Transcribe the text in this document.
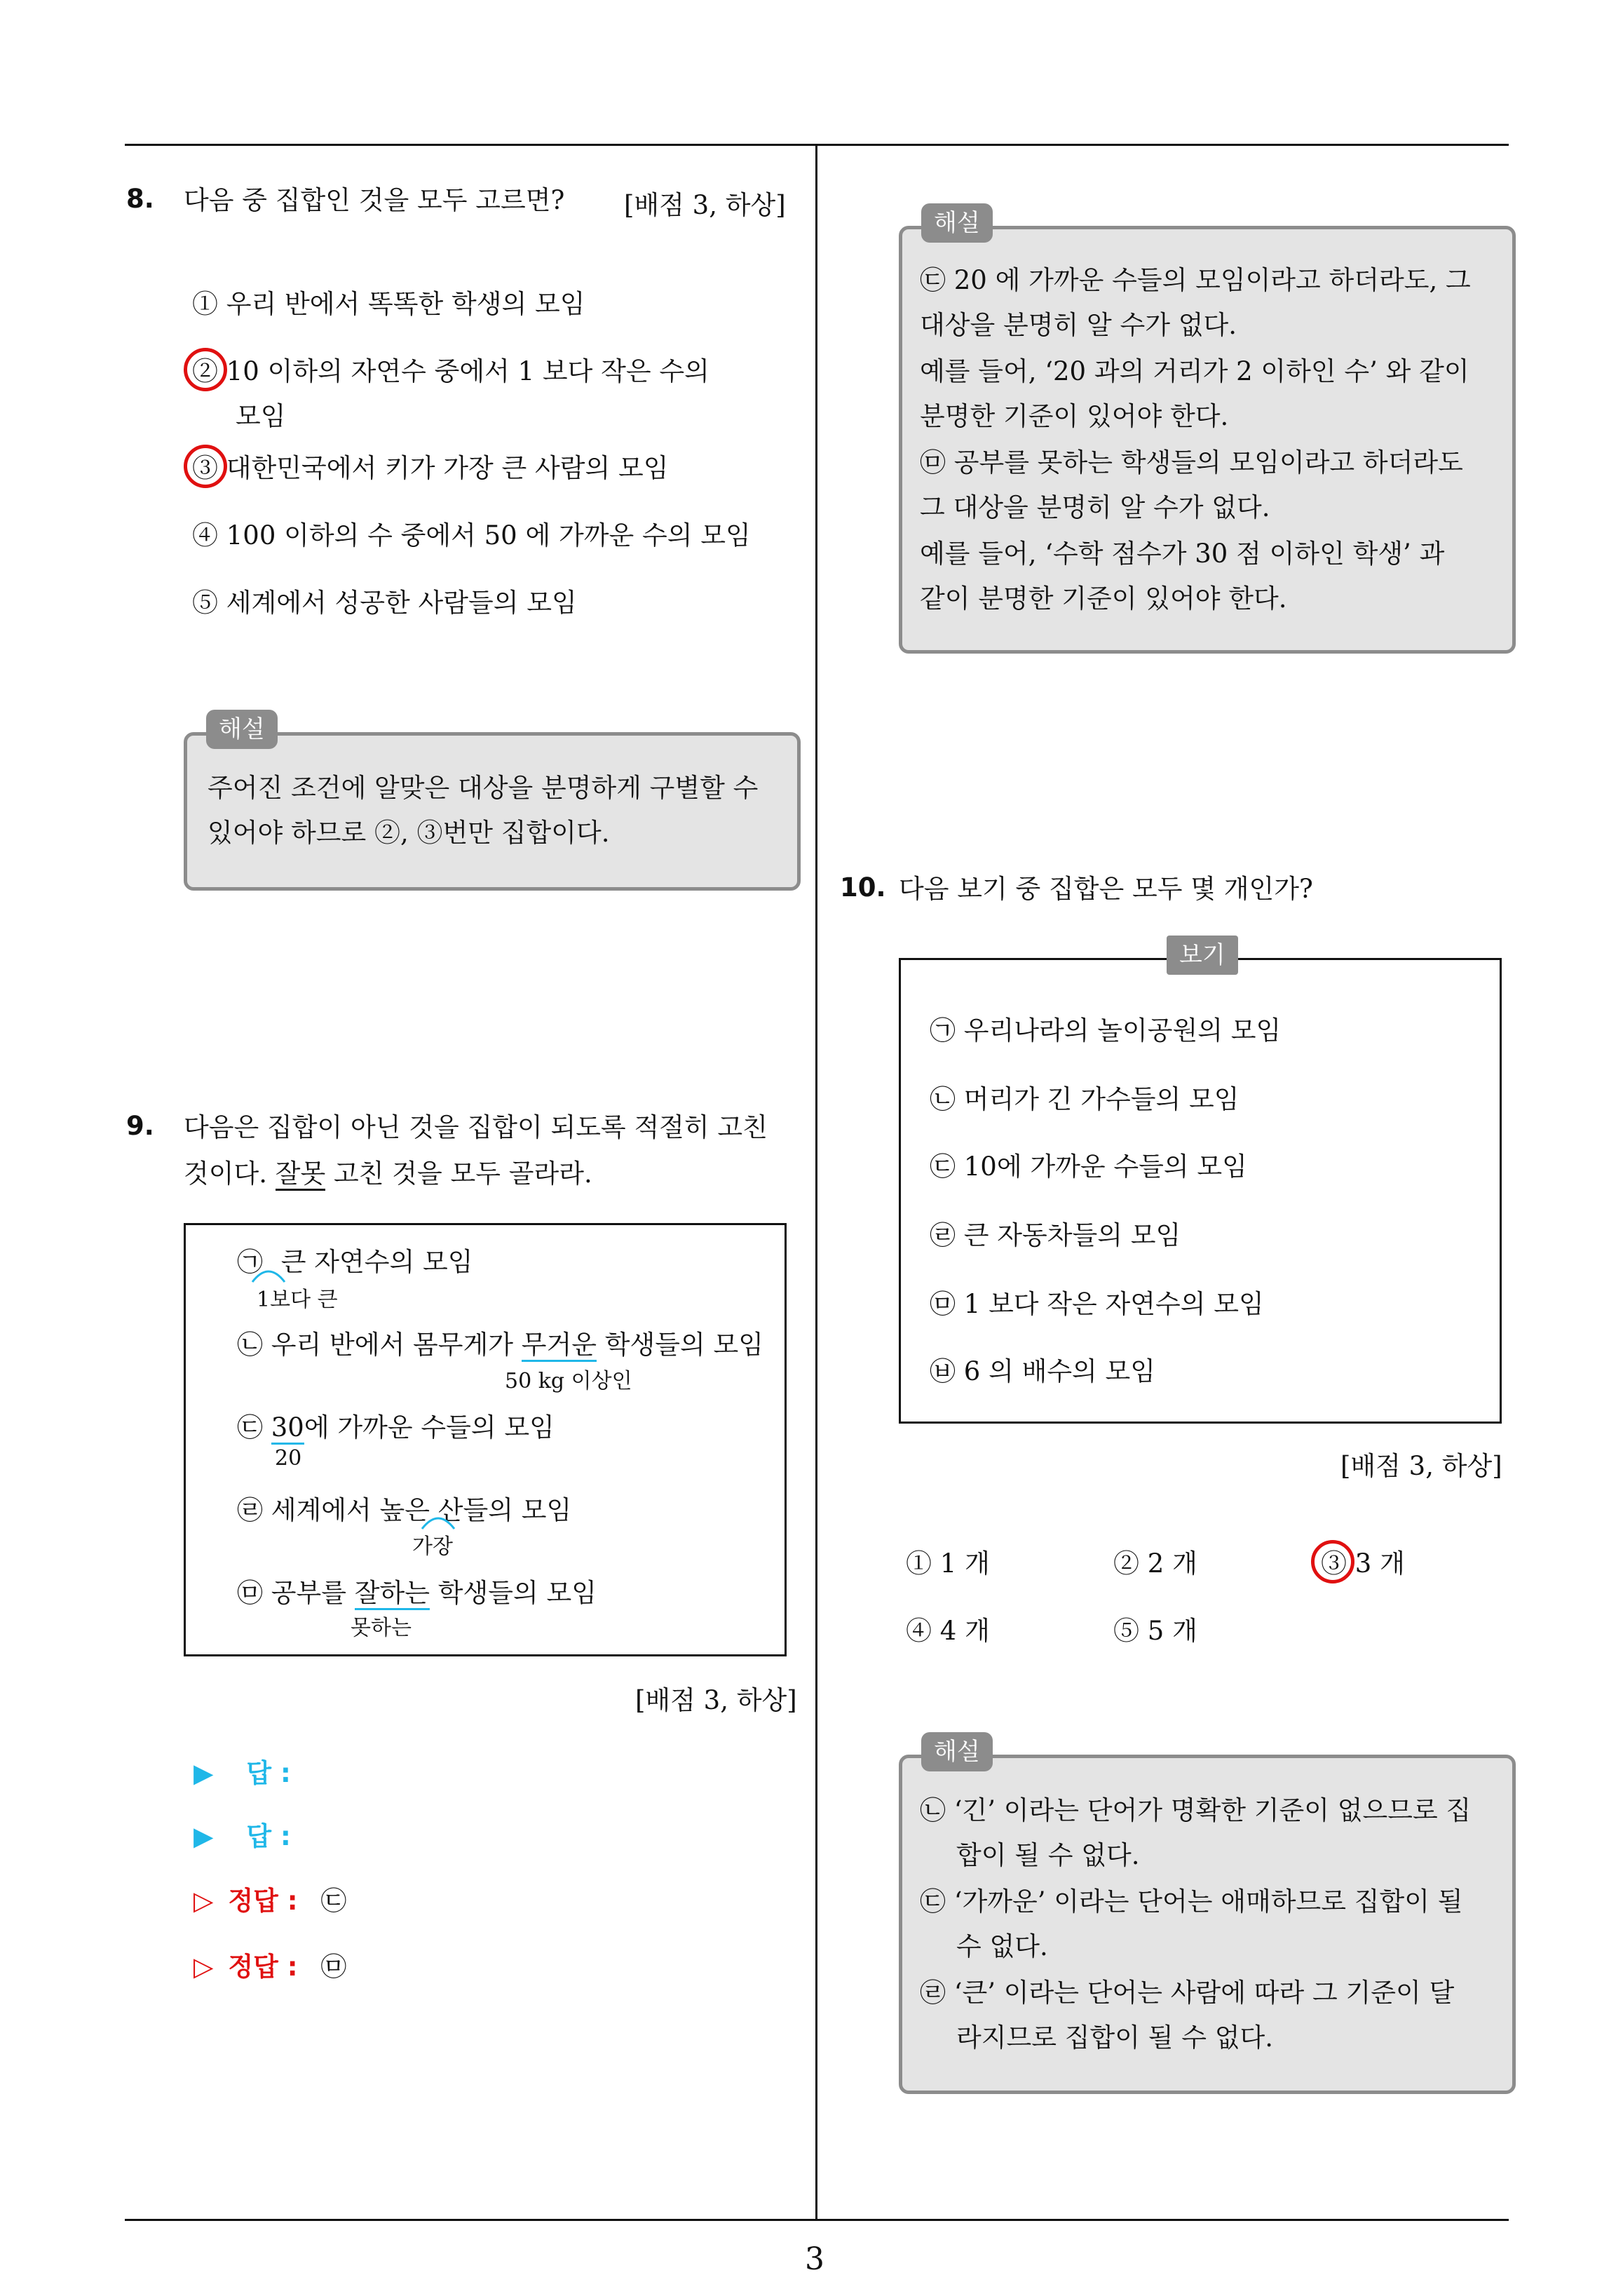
8. 다음 중 집합인 것을 모두 고르면? [배점 3, 하상]
① 우리 반에서 똑똑한 학생의 모임
② 10 이하의 자연수 중에서 1 보다 작은 수의
모임
③ 대한민국에서 키가 가장 큰 사람의 모임
④ 100 이하의 수 중에서 50 에 가까운 수의 모임
⑤ 세계에서 성공한 사람들의 모임
해설
주어진 조건에 알맞은 대상을 분명하게 구별할 수
있어야 하므로 ②, ③번만 집합이다.
9. 다음은 집합이 아닌 것을 집합이 되도록 적절히 고친
것이다. 잘못 고친 것을 모두 골라라.
㉠ 큰 자연수의 모임
1보다 큰
㉡ 우리 반에서 몸무게가 무거운 학생들의 모임
50 kg 이상인
㉢ 30에 가까운 수들의 모임
20
㉣ 세계에서 높은 산들의 모임
가장
㉤ 공부를 잘하는 학생들의 모임
못하는
[배점 3, 하상]
▶ 답 :
▶ 답 :
▷ 정답 : ㉢
▷ 정답 : ㉤
해설
㉢ 20 에 가까운 수들의 모임이라고 하더라도, 그
대상을 분명히 알 수가 없다.
예를 들어, ‘20 과의 거리가 2 이하인 수’ 와 같이
분명한 기준이 있어야 한다.
㉤ 공부를 못하는 학생들의 모임이라고 하더라도
그 대상을 분명히 알 수가 없다.
예를 들어, ‘수학 점수가 30 점 이하인 학생’ 과
같이 분명한 기준이 있어야 한다.
10. 다음 보기 중 집합은 모두 몇 개인가?
보기
㉠ 우리나라의 놀이공원의 모임
㉡ 머리가 긴 가수들의 모임
㉢ 10에 가까운 수들의 모임
㉣ 큰 자동차들의 모임
㉤ 1 보다 작은 자연수의 모임
㉥ 6 의 배수의 모임
[배점 3, 하상]
① 1 개	② 2 개	③ 3 개
④ 4 개	⑤ 5 개
해설
㉡ ‘긴’ 이라는 단어가 명확한 기준이 없으므로 집
합이 될 수 없다.
㉢ ‘가까운’ 이라는 단어는 애매하므로 집합이 될
수 없다.
㉣ ‘큰’ 이라는 단어는 사람에 따라 그 기준이 달
라지므로 집합이 될 수 없다.
3
